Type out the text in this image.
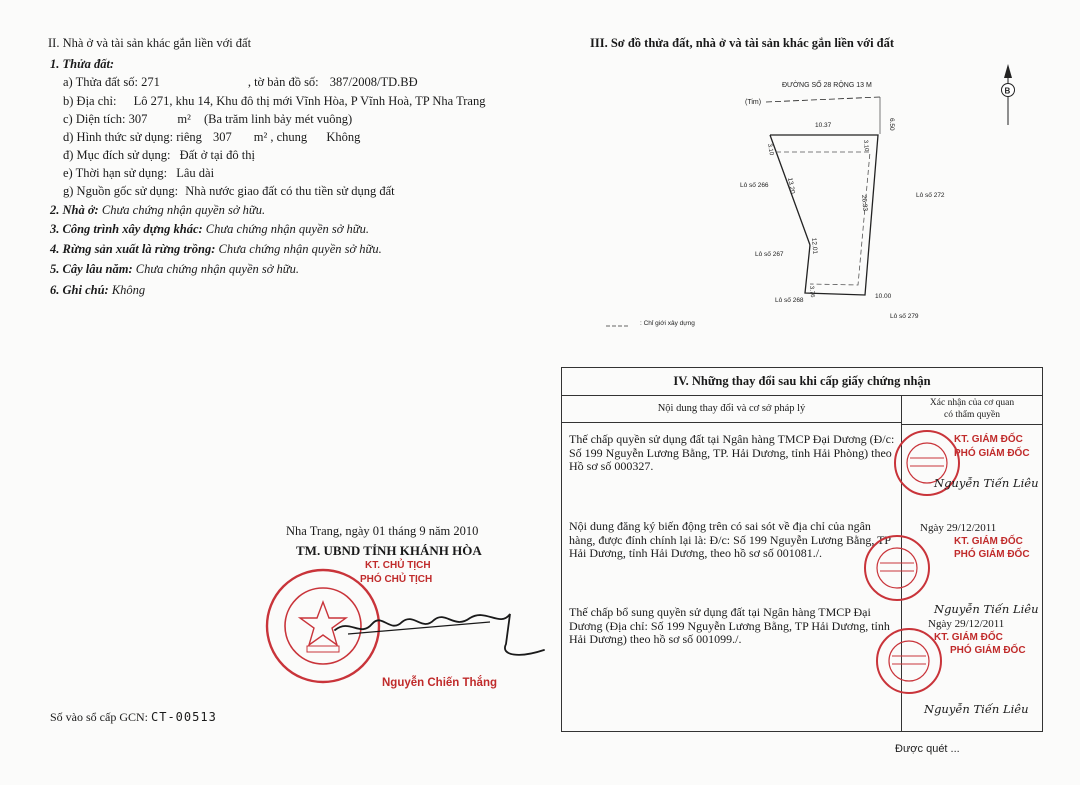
II. Nhà ở và tài sản khác gắn liền với đất
1. Thửa đất:
a) Thửa đất số: 271	, tờ bản đồ số: 387/2008/TD.BĐ
b) Địa chỉ: Lô 271, khu 14, Khu đô thị mới Vĩnh Hòa, P Vĩnh Hoà, TP Nha Trang
c) Diện tích: 307 m² (Ba trăm linh bảy mét vuông)
d) Hình thức sử dụng: riêng 307 m² , chung Không
đ) Mục đích sử dụng: Đất ở tại đô thị
e) Thời hạn sử dụng: Lâu dài
g) Nguồn gốc sử dụng: Nhà nước giao đất có thu tiền sử dụng đất
2. Nhà ở: Chưa chứng nhận quyền sở hữu.
3. Công trình xây dựng khác: Chưa chứng nhận quyền sở hữu.
4. Rừng sản xuất là rừng trồng: Chưa chứng nhận quyền sở hữu.
5. Cây lâu năm: Chưa chứng nhận quyền sở hữu.
6. Ghi chú: Không
III. Sơ đồ thửa đất, nhà ở và tài sản khác gắn liền với đất
ĐƯỜNG SỐ 28 RỘNG 13 M
(Tim)
6.50
10.37
3.10	3.10
13.20
26.33
12.01
3.76	10.00
Lô số 266
Lô số 272
Lô số 267
Lô số 268
Lô số 279
: Chỉ giới xây dựng
B
Nha Trang, ngày 01 tháng 9 năm 2010
TM. UBND TỈNH KHÁNH HÒA
KT. CHỦ TỊCH
PHÓ CHỦ TỊCH
Nguyễn Chiến Thắng
Số vào sổ cấp GCN: CT-00513
IV. Những thay đổi sau khi cấp giấy chứng nhận
Nội dung thay đổi và cơ sở pháp lý	Xác nhận của cơ quan
có thẩm quyền
Thế chấp quyền sử dụng đất tại Ngân hàng TMCP Đại Dương (Đ/c: Số 199 Nguyễn Lương Bằng, TP. Hải Dương, tỉnh Hải Phòng) theo Hồ sơ số 000327.
KT. GIÁM ĐỐC
PHÓ GIÁM ĐỐC
Nguyễn Tiến Liêu
Nội dung đăng ký biến động trên có sai sót về địa chỉ của ngân hàng, được đính chính lại là: Đ/c: Số 199 Nguyễn Lương Bằng, TP Hải Dương, tỉnh Hải Dương, theo hồ sơ số 001081./.
Ngày 29/12/2011
KT. GIÁM ĐỐC
PHÓ GIÁM ĐỐC
Nguyễn Tiến Liêu
Thế chấp bổ sung quyền sử dụng đất tại Ngân hàng TMCP Đại Dương (Địa chỉ: Số 199 Nguyễn Lương Bằng, TP Hải Dương, tỉnh Hải Dương) theo hồ sơ số 001099./.
Ngày 29/12/2011
KT. GIÁM ĐỐC
PHÓ GIÁM ĐỐC
Nguyễn Tiến Liêu
Được quét ...
